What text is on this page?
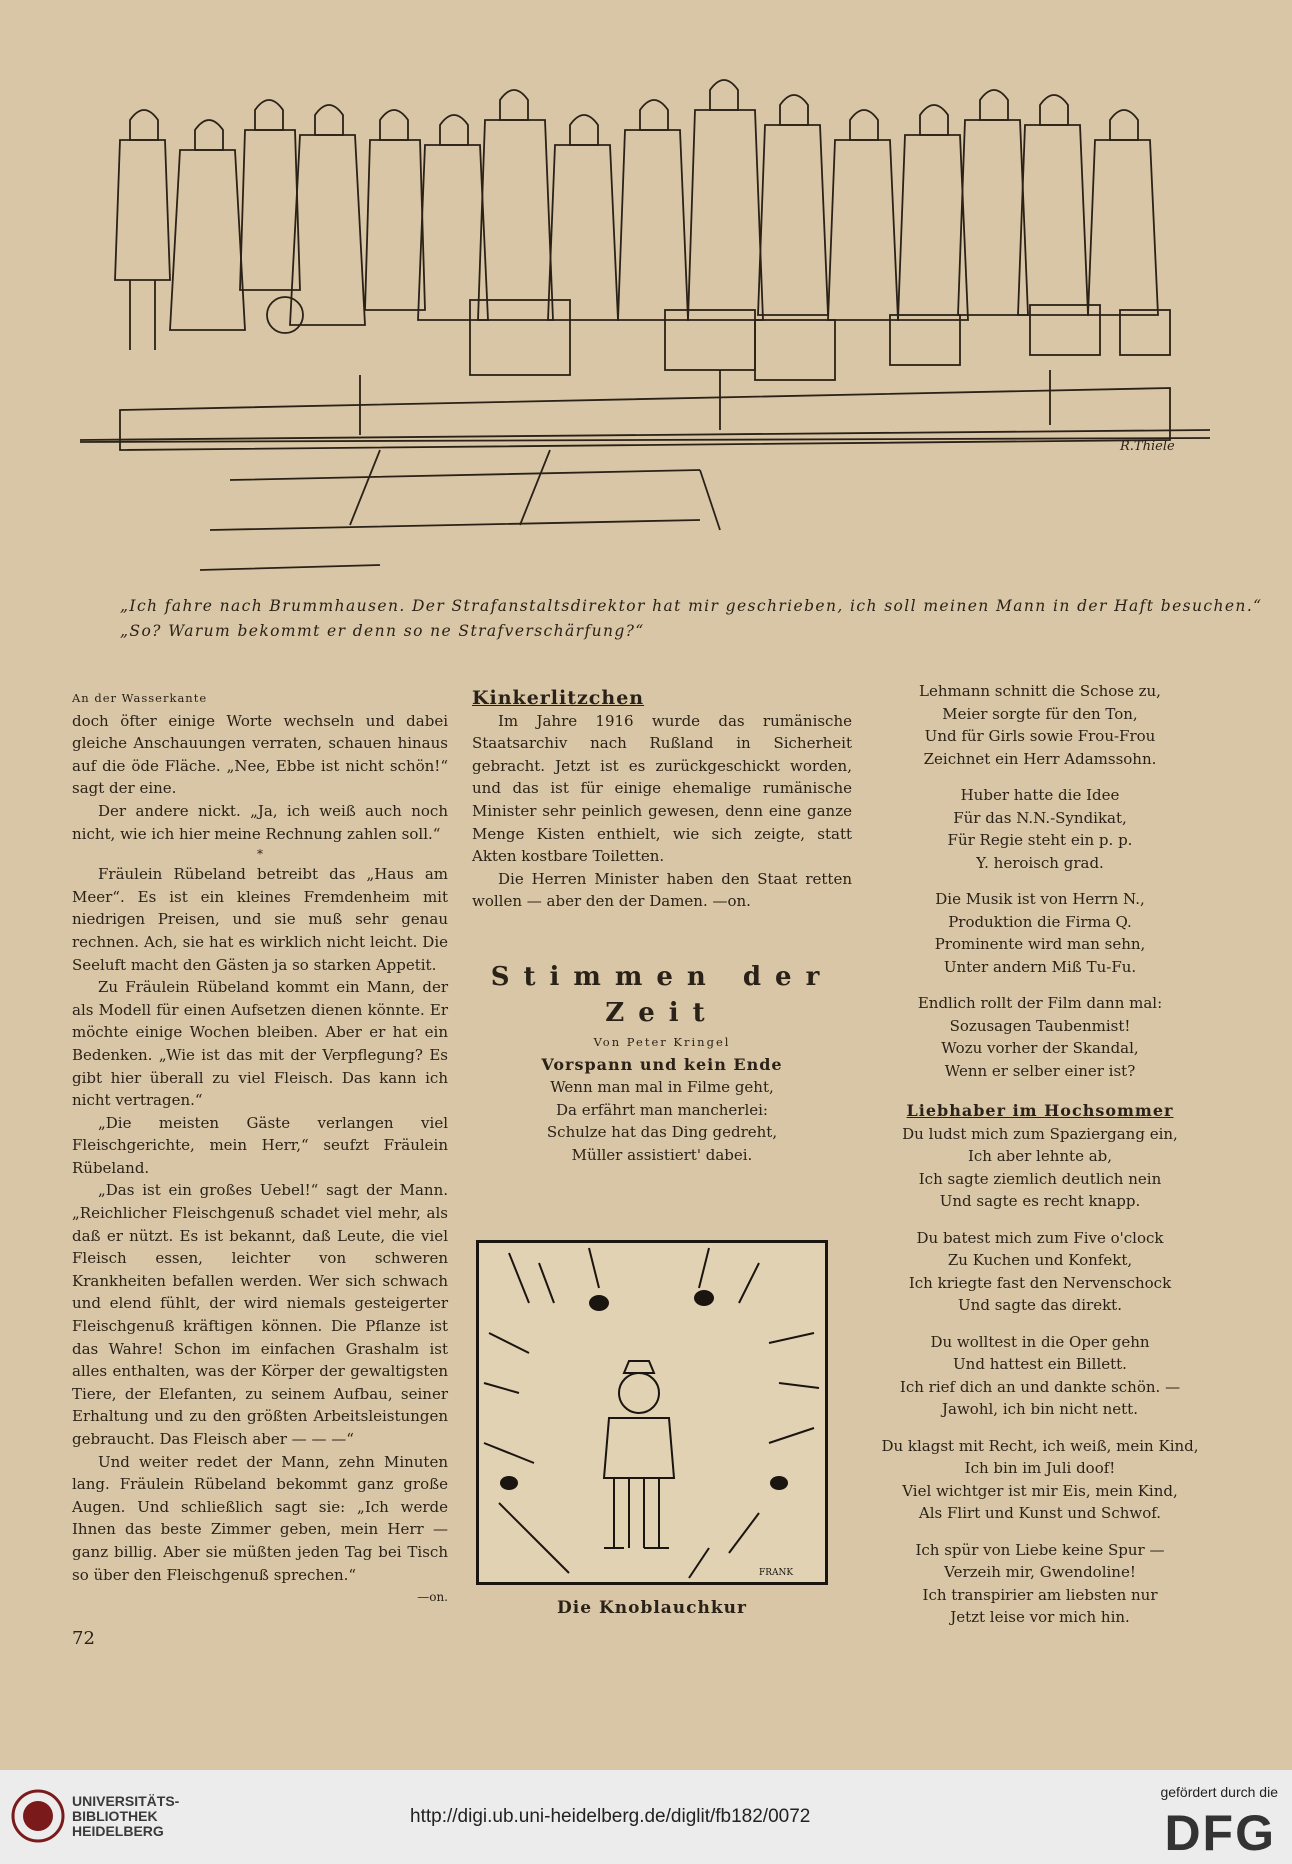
R.Thiele
„Ich fahre nach Brummhausen. Der Strafanstaltsdirektor hat mir geschrieben, ich soll meinen Mann in der Haft besuchen.“
„So? Warum bekommt er denn so ne Strafverschärfung?“

An der Wasserkante

doch öfter einige Worte wechseln und dabei gleiche Anschauungen verraten, schauen hinaus auf die öde Fläche. „Nee, Ebbe ist nicht schön!“ sagt der eine.

Der andere nickt. „Ja, ich weiß auch noch nicht, wie ich hier meine Rechnung zahlen soll.“

*

Fräulein Rübeland betreibt das „Haus am Meer“. Es ist ein kleines Fremdenheim mit niedrigen Preisen, und sie muß sehr genau rechnen. Ach, sie hat es wirklich nicht leicht. Die Seeluft macht den Gästen ja so starken Appetit.

Zu Fräulein Rübeland kommt ein Mann, der als Modell für einen Aufsetzen dienen könnte. Er möchte einige Wochen bleiben. Aber er hat ein Bedenken. „Wie ist das mit der Verpflegung? Es gibt hier überall zu viel Fleisch. Das kann ich nicht vertragen.“

„Die meisten Gäste verlangen viel Fleischgerichte, mein Herr,“ seufzt Fräulein Rübeland.

„Das ist ein großes Uebel!“ sagt der Mann. „Reichlicher Fleischgenuß schadet viel mehr, als daß er nützt. Es ist bekannt, daß Leute, die viel Fleisch essen, leichter von schweren Krankheiten befallen werden. Wer sich schwach und elend fühlt, der wird niemals gesteigerter Fleischgenuß kräftigen können. Die Pflanze ist das Wahre! Schon im einfachen Grashalm ist alles enthalten, was der Körper der gewaltigsten Tiere, der Elefanten, zu seinem Aufbau, seiner Erhaltung und zu den größten Arbeitsleistungen gebraucht. Das Fleisch aber — — —“

Und weiter redet der Mann, zehn Minuten lang. Fräulein Rübeland bekommt ganz große Augen. Und schließlich sagt sie: „Ich werde Ihnen das beste Zimmer geben, mein Herr — ganz billig. Aber sie müßten jeden Tag bei Tisch so über den Fleischgenuß sprechen.“

—on.

Kinkerlitzchen

Im Jahre 1916 wurde das rumänische Staatsarchiv nach Rußland in Sicherheit gebracht. Jetzt ist es zurückgeschickt worden, und das ist für einige ehemalige rumänische Minister sehr peinlich gewesen, denn eine ganze Menge Kisten enthielt, wie sich zeigte, statt Akten kostbare Toiletten.

Die Herren Minister haben den Staat retten wollen — aber den der Damen. —on.

Stimmen der Zeit

Von Peter Kringel

Vorspann und kein Ende

Wenn man mal in Filme geht,
Da erfährt man mancherlei:
Schulze hat das Ding gedreht,
Müller assistiert' dabei.
FRANK
Die Knoblauchkur
Lehmann schnitt die Schose zu,
Meier sorgte für den Ton,
Und für Girls sowie Frou-Frou
Zeichnet ein Herr Adamssohn.
Huber hatte die Idee
Für das N.N.-Syndikat,
Für Regie steht ein p. p.
Y. heroisch grad.
Die Musik ist von Herrn N.,
Produktion die Firma Q.
Prominente wird man sehn,
Unter andern Miß Tu-Fu.
Endlich rollt der Film dann mal:
Sozusagen Taubenmist!
Wozu vorher der Skandal,
Wenn er selber einer ist?

Liebhaber im Hochsommer

Du ludst mich zum Spaziergang ein,
Ich aber lehnte ab,
Ich sagte ziemlich deutlich nein
Und sagte es recht knapp.
Du batest mich zum Five o'clock
Zu Kuchen und Konfekt,
Ich kriegte fast den Nervenschock
Und sagte das direkt.
Du wolltest in die Oper gehn
Und hattest ein Billett.
Ich rief dich an und dankte schön. —
Jawohl, ich bin nicht nett.
Du klagst mit Recht, ich weiß, mein Kind,
Ich bin im Juli doof!
Viel wichtger ist mir Eis, mein Kind,
Als Flirt und Kunst und Schwof.
Ich spür von Liebe keine Spur —
Verzeih mir, Gwendoline!
Ich transpirier am liebsten nur
Jetzt leise vor mich hin.
72
UNIVERSITÄTS-
BIBLIOTHEK
HEIDELBERG
http://digi.ub.uni-heidelberg.de/diglit/fb182/0072
gefördert durch die
DFG
